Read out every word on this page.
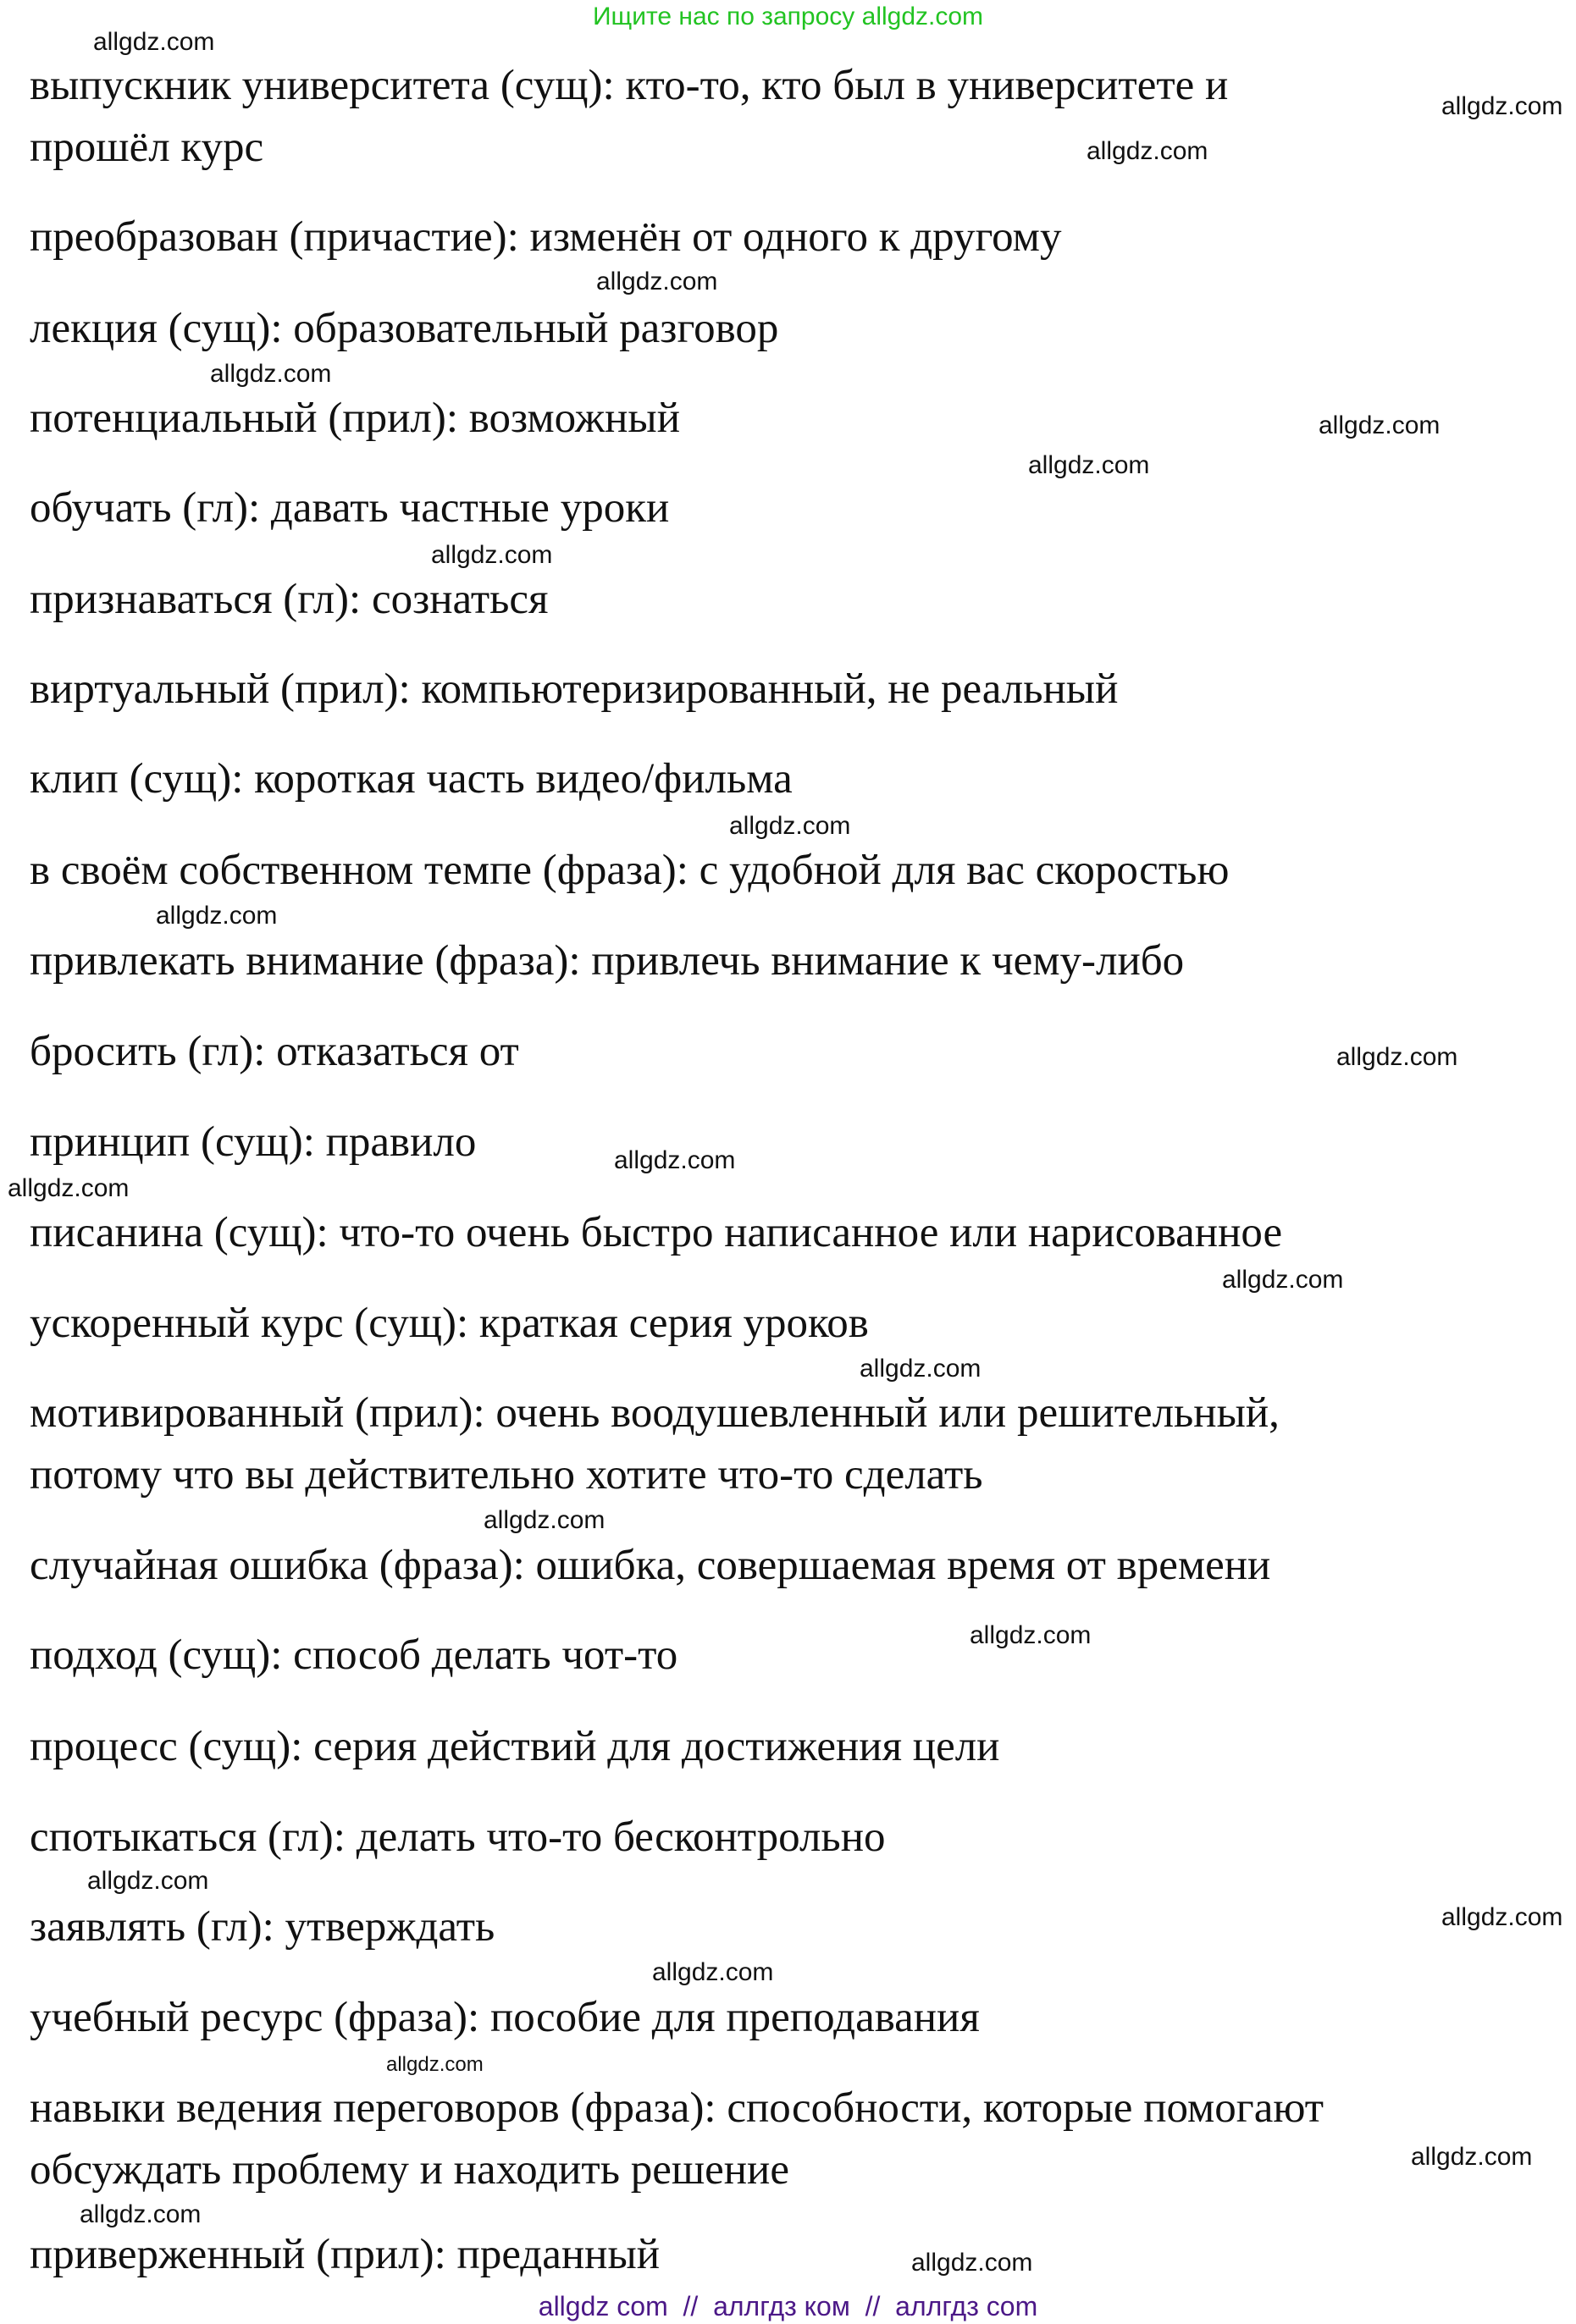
Ищите нас по запросу allgdz.com
выпускник университета (сущ): кто-то, кто был в университете и
прошёл курс
преобразован (причастие): изменён от одного к другому
лекция (сущ): образовательный разговор
потенциальный (прил): возможный
обучать (гл): давать частные уроки
признаваться (гл): сознаться
виртуальный (прил): компьютеризированный, не реальный
клип (сущ): короткая часть видео/фильма
в своём собственном темпе (фраза): с удобной для вас скоростью
привлекать внимание (фраза): привлечь внимание к чему-либо
бросить (гл): отказаться от
принцип (сущ): правило
писанина (сущ): что-то очень быстро написанное или нарисованное
ускоренный курс (сущ): краткая серия уроков
мотивированный (прил): очень воодушевленный или решительный,
потому что вы действительно хотите что-то сделать
случайная ошибка (фраза): ошибка, совершаемая время от времени
подход (сущ): способ делать чот-то
процесс (сущ): серия действий для достижения цели
спотыкаться (гл): делать что-то бесконтрольно
заявлять (гл): утверждать
учебный ресурс (фраза): пособие для преподавания
навыки ведения переговоров (фраза): способности, которые помогают
обсуждать проблему и находить решение
приверженный (прил): преданный
allgdz.com
allgdz.com
allgdz.com
allgdz.com
allgdz.com
allgdz.com
allgdz.com
allgdz.com
allgdz.com
allgdz.com
allgdz.com
allgdz.com
allgdz.com
allgdz.com
allgdz.com
allgdz.com
allgdz.com
allgdz.com
allgdz.com
allgdz.com
allgdz.com
allgdz.com
allgdz.com
allgdz.com
allgdz com  //  аллгдз ком  //  аллгдз com
